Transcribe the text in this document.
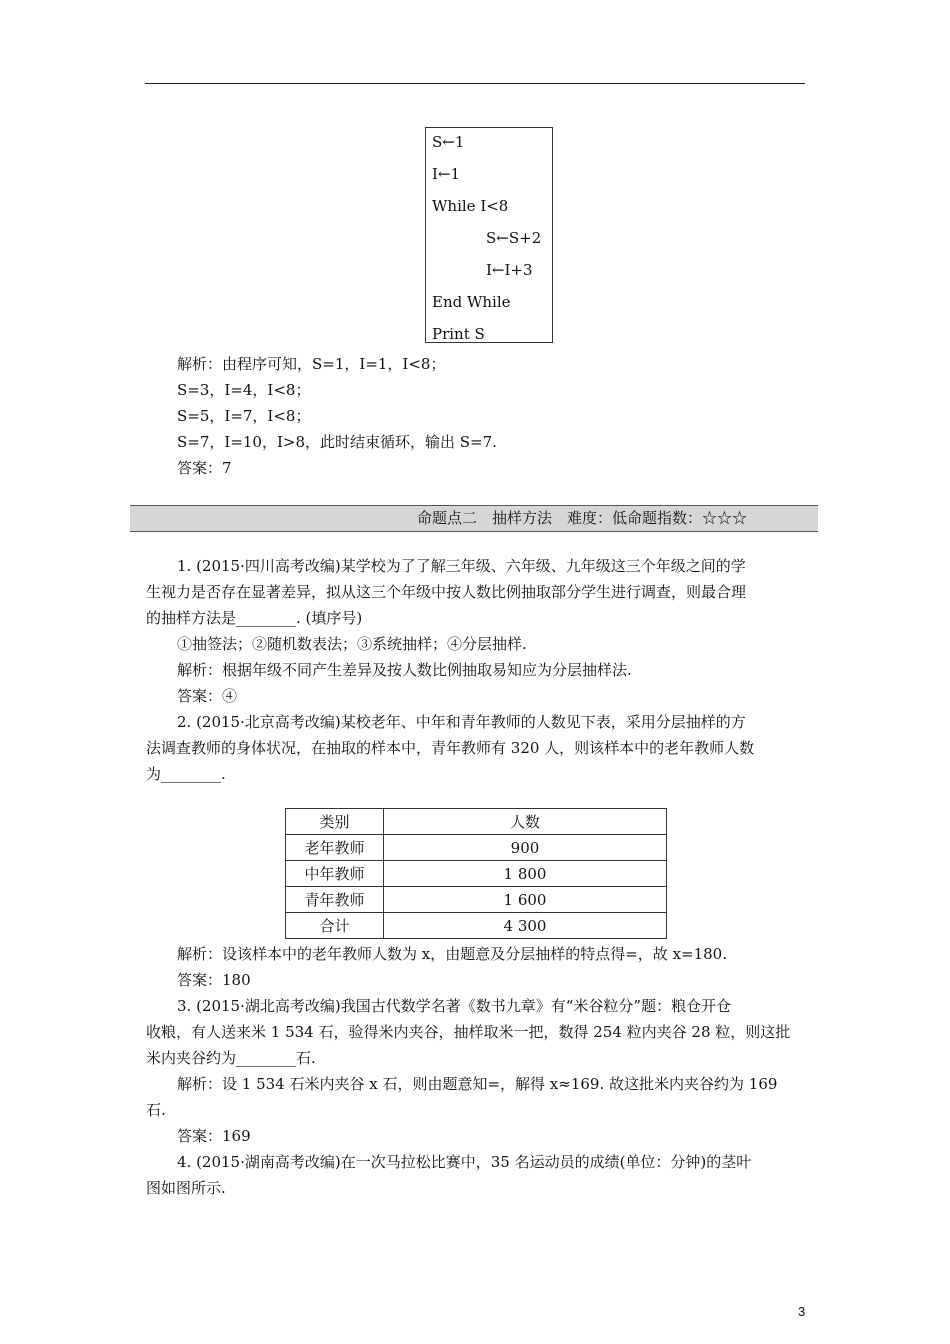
S←1
I←1
While I<8
S←S+2
I←I+3
End While
Print S
解析：由程序可知，S=1，I=1，I<8；
S=3，I=4，I<8；
S=5，I=7，I<8；
S=7，I=10，I>8，此时结束循环，输出 S=7.
答案：7
命题点二　抽样方法　难度：低命题指数：☆☆☆
1. (2015·四川高考改编)某学校为了了解三年级、六年级、九年级这三个年级之间的学
生视力是否存在显著差异，拟从这三个年级中按人数比例抽取部分学生进行调查，则最合理
的抽样方法是________. (填序号)
①抽签法；②随机数表法；③系统抽样；④分层抽样.
解析：根据年级不同产生差异及按人数比例抽取易知应为分层抽样法.
答案：④
2. (2015·北京高考改编)某校老年、中年和青年教师的人数见下表，采用分层抽样的方
法调查教师的身体状况，在抽取的样本中，青年教师有 320 人，则该样本中的老年教师人数
为________.
类别	人数
老年教师	900
中年教师	1 800
青年教师	1 600
合计	4 300
解析：设该样本中的老年教师人数为 x，由题意及分层抽样的特点得=，故 x=180.
答案：180
3. (2015·湖北高考改编)我国古代数学名著《数书九章》有“米谷粒分”题：粮仓开仓
收粮，有人送来米 1 534 石，验得米内夹谷，抽样取米一把，数得 254 粒内夹谷 28 粒，则这批
米内夹谷约为________石.
解析：设 1 534 石米内夹谷 x 石，则由题意知=，解得 x≈169. 故这批米内夹谷约为 169
石.
答案：169
4. (2015·湖南高考改编)在一次马拉松比赛中，35 名运动员的成绩(单位：分钟)的茎叶
图如图所示.
3
